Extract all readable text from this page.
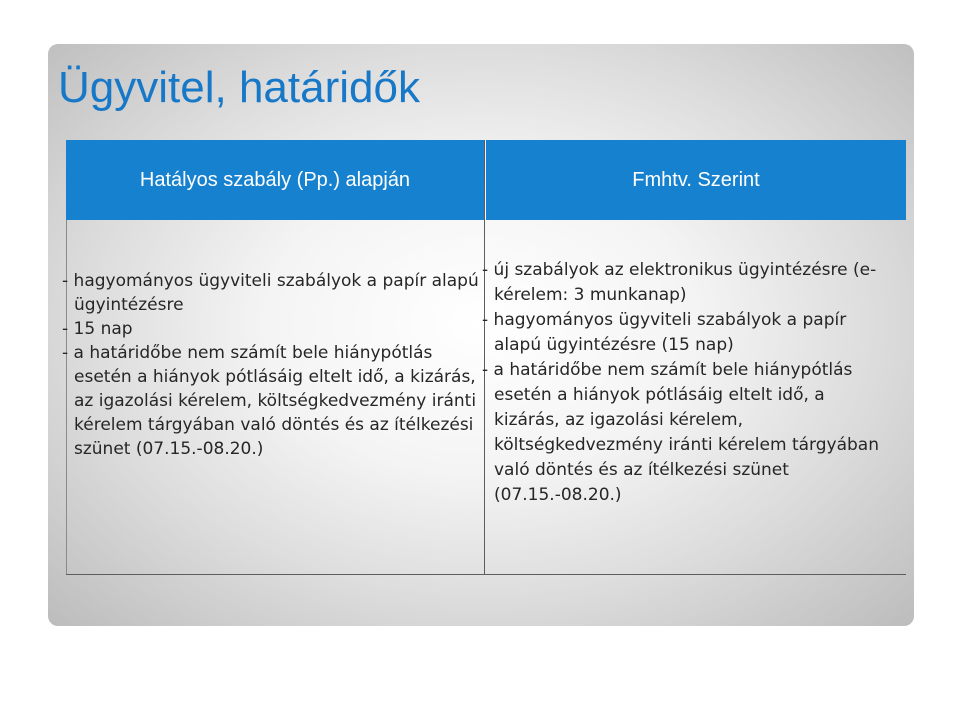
Ügyvitel, határidők
Hatályos szabály (Pp.) alapján	Fmhtv. Szerint
- hagyományos ügyviteli szabályok a papír alapú ügyintézésre
- 15 nap
- a határidőbe nem számít bele hiánypótlás esetén a hiányok pótlásáig eltelt idő, a kizárás, az igazolási kérelem, költségkedvezmény iránti kérelem tárgyában való döntés és az ítélkezési szünet (07.15.-08.20.)
- új szabályok az elektronikus ügyintézésre (e-kérelem: 3 munkanap)
- hagyományos ügyviteli szabályok a papír alapú ügyintézésre (15 nap)
- a határidőbe nem számít bele hiánypótlás esetén a hiányok pótlásáig eltelt idő, a kizárás, az igazolási kérelem, költségkedvezmény iránti kérelem tárgyában való döntés és az ítélkezési szünet (07.15.-08.20.)
